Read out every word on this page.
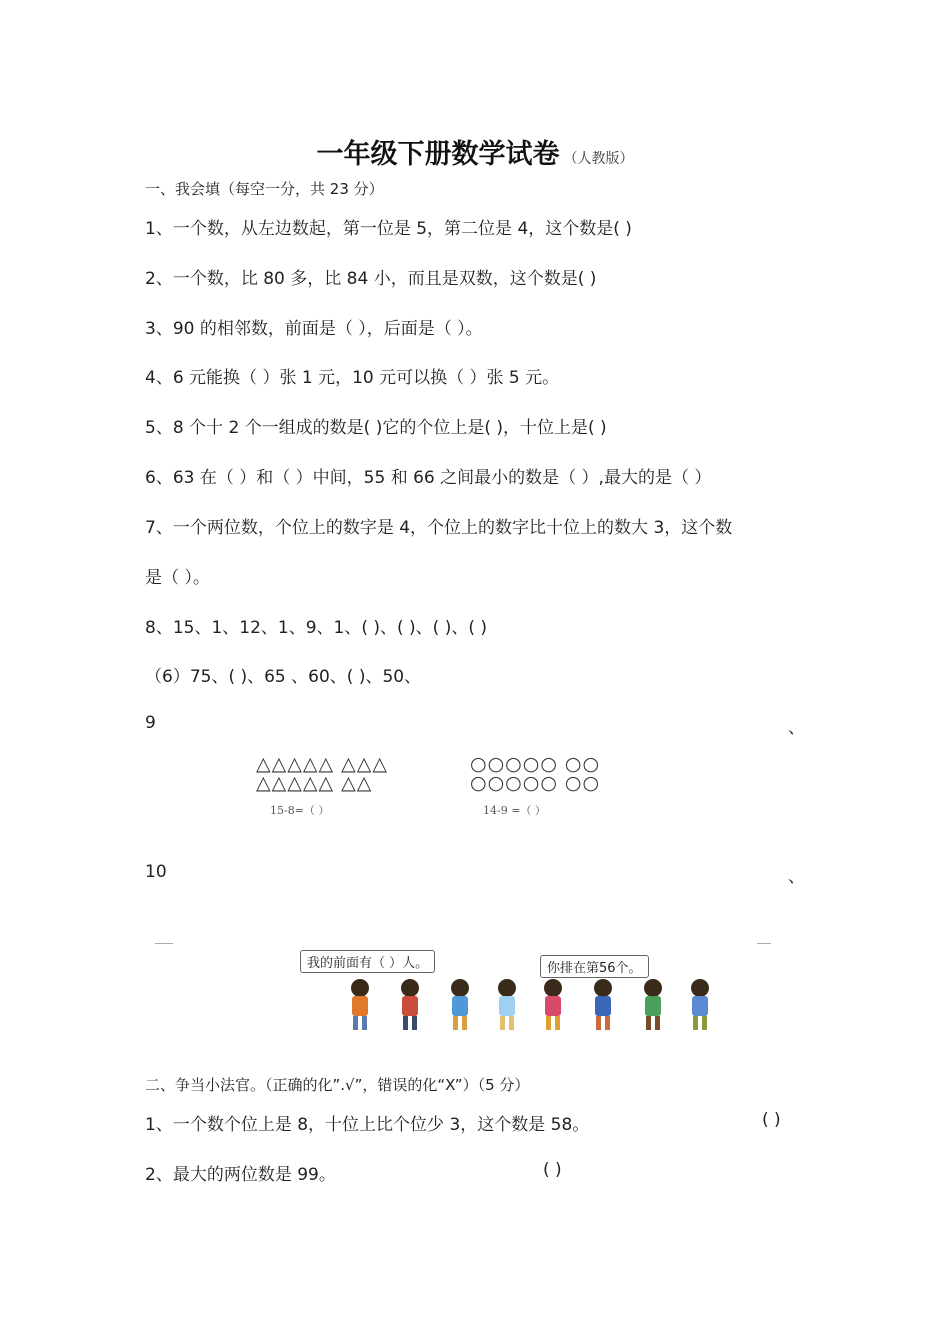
一年级下册数学试卷 （人教版）
一、我会填（每空一分，共 23 分）
1、一个数，从左边数起，第一位是 5，第二位是 4，这个数是( )
2、一个数，比 80 多，比 84 小，而且是双数，这个数是( )
3、90 的相邻数，前面是（ ），后面是（ ）。
4、6 元能换（ ）张 1 元，10 元可以换（ ）张 5 元。
5、8 个十 2 个一组成的数是( )它的个位上是( )，十位上是( )
6、63 在（ ）和（ ）中间，55 和 66 之间最小的数是（ ）,最大的是（ ）
7、一个两位数，个位上的数字是 4，个位上的数字比十位上的数大 3，这个数
是（ ）。
8、15、1、12、1、9、1、( )、( )、( )、( )
（6）75、( )、65 、60、( )、50、
9	、
△△△△△ △△△
△△△△△ △△
○○○○○ ○○
○○○○○ ○○
15-8=（ ）	14-9 =（ ）
10	、
我的前面有（ ）人。	你排在第56个。
二、争当小法官。（正确的化”.√”，错误的化“X”）（5 分）
1、一个数个位上是 8，十位上比个位少 3，这个数是 58。	( )
2、最大的两位数是 99。	( )
